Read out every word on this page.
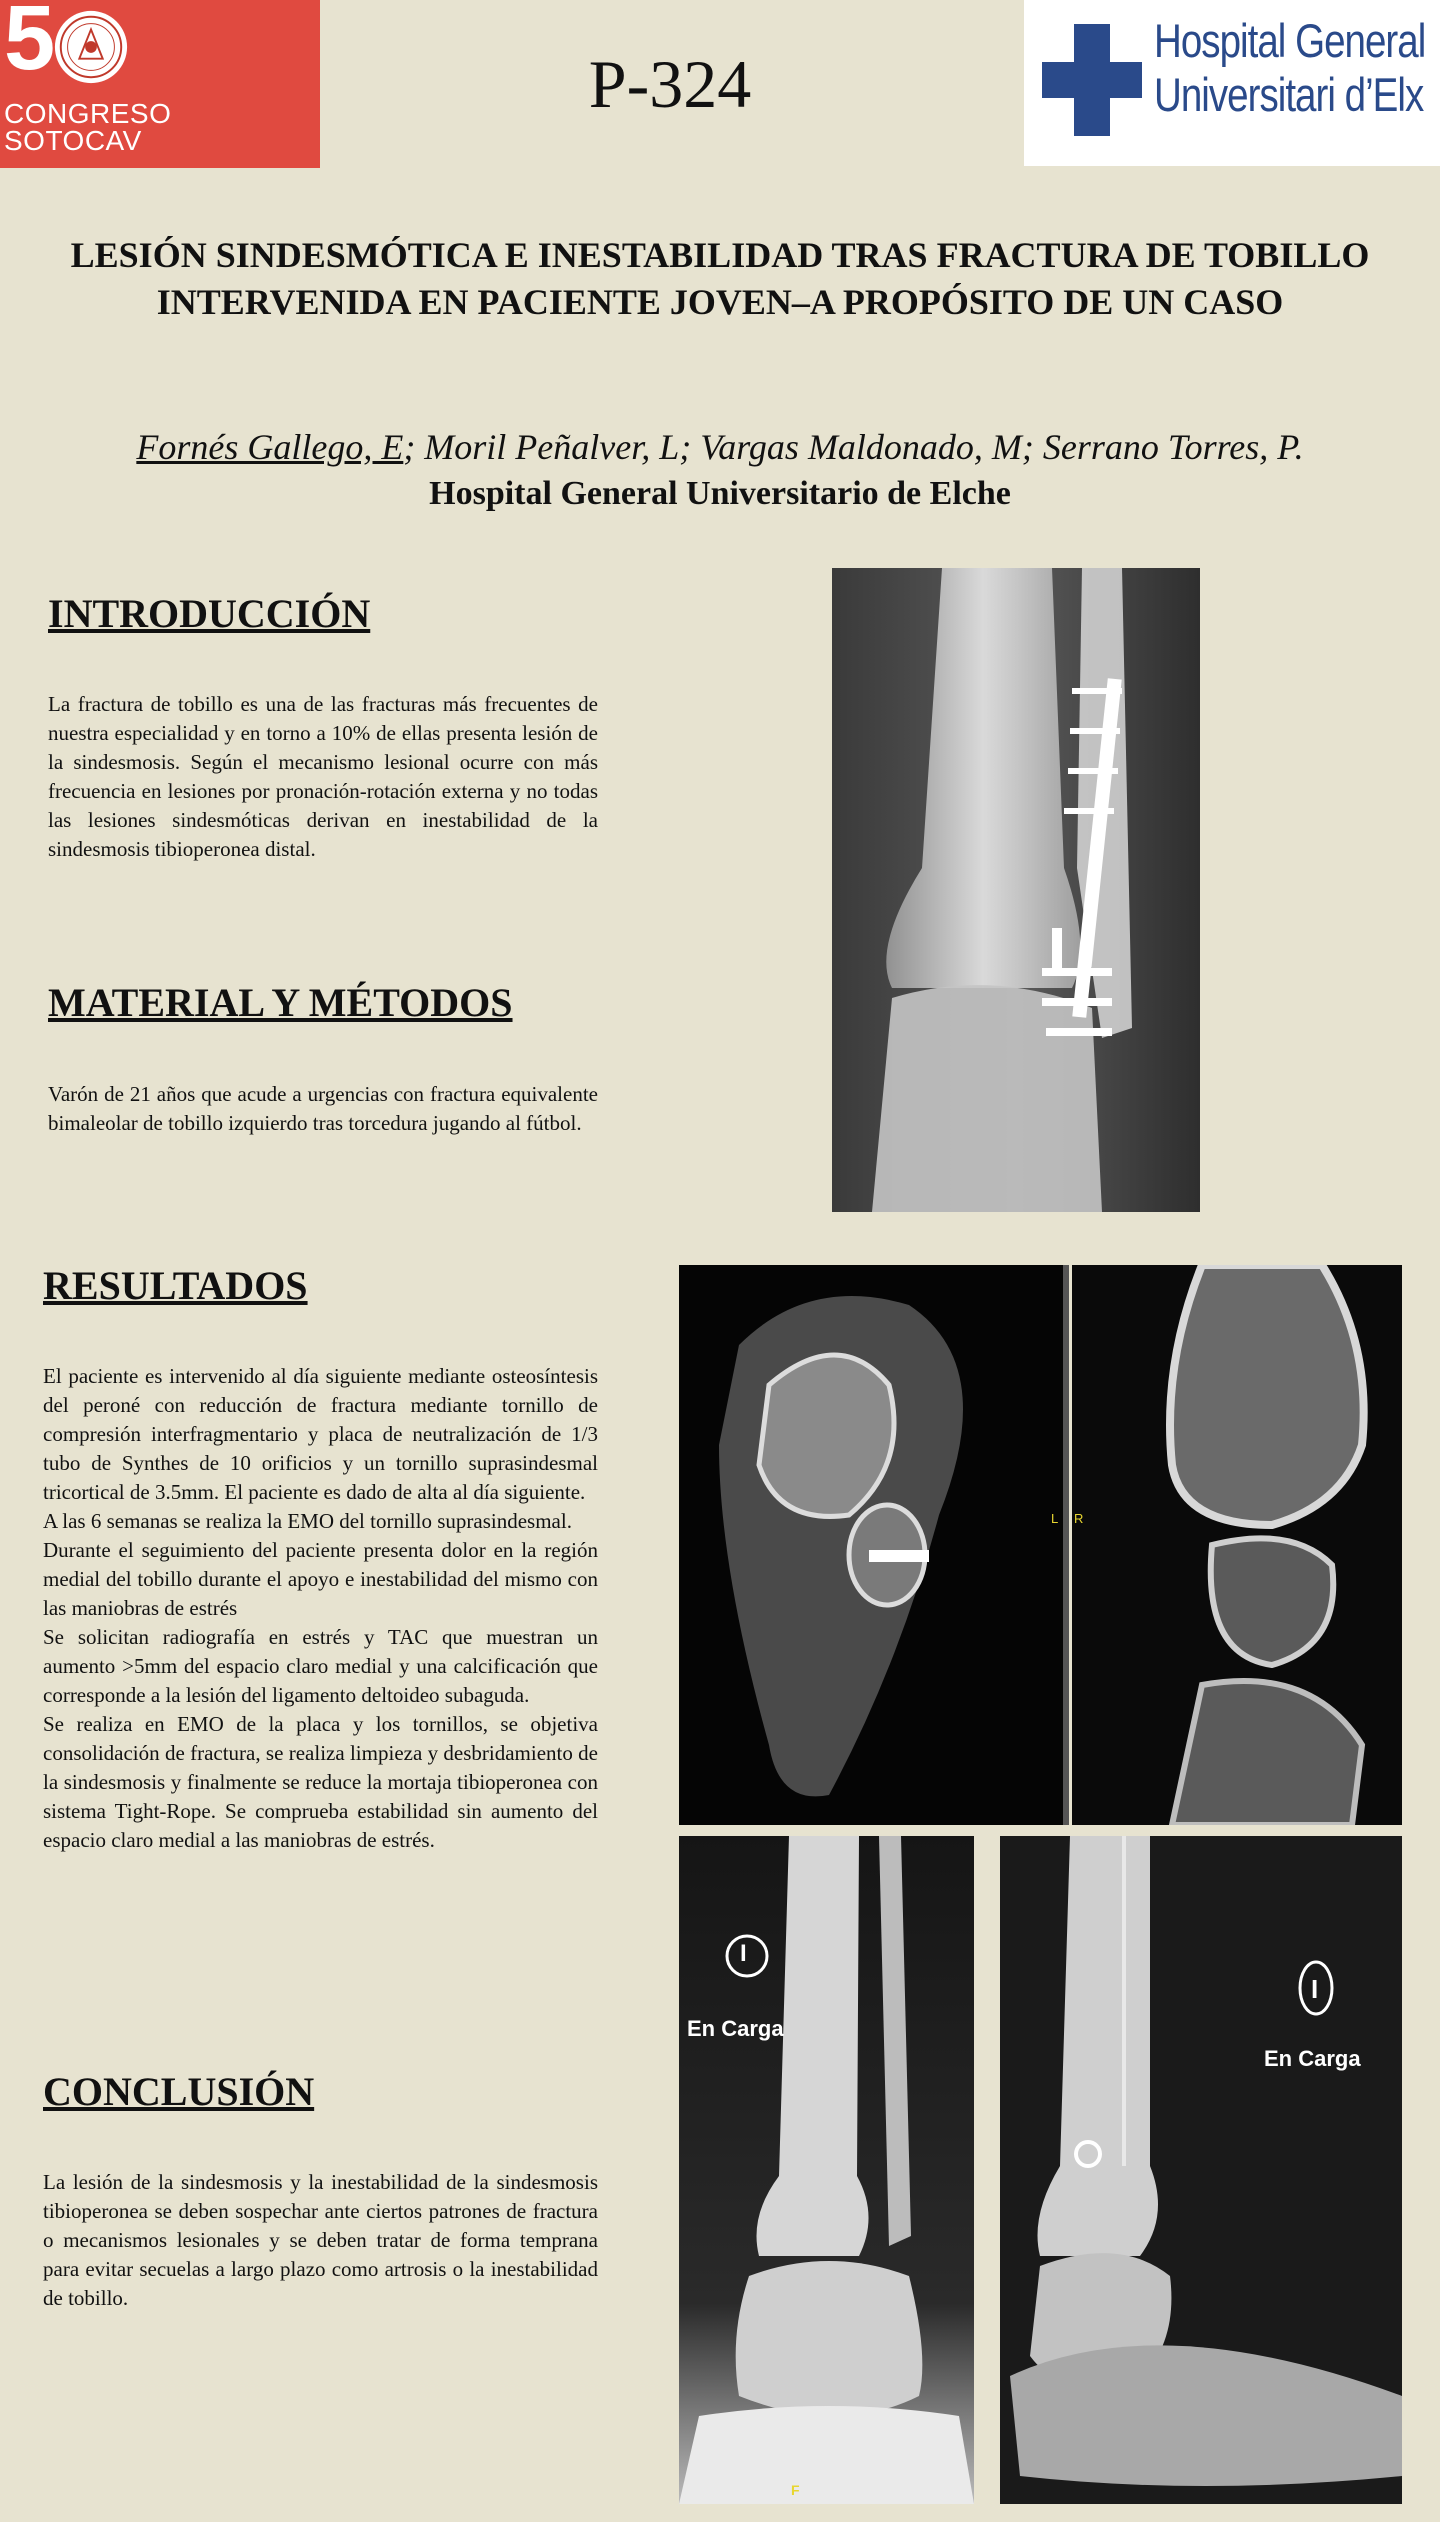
5
CONGRESO
SOTOCAV
P-324
Hospital General
Universitari d’Elx
LESIÓN SINDESMÓTICA E INESTABILIDAD TRAS FRACTURA DE TOBILLO INTERVENIDA EN PACIENTE JOVEN–A PROPÓSITO DE UN CASO
Fornés Gallego, E; Moril Peñalver, L; Vargas Maldonado, M; Serrano Torres, P.
Hospital General Universitario de Elche
INTRODUCCIÓN
La fractura de tobillo es una de las fracturas más frecuentes de nuestra especialidad y en torno a 10% de ellas presenta lesión de la sindesmosis. Según el mecanismo lesional ocurre con más frecuencia en lesiones por pronación-rotación externa y no todas las lesiones sindesmóticas derivan en inestabilidad de la sindesmosis tibioperonea distal.
MATERIAL Y MÉTODOS
Varón de 21 años que acude a urgencias con fractura equivalente bimaleolar de tobillo izquierdo tras torcedura jugando al fútbol.
RESULTADOS
El paciente es intervenido al día siguiente mediante osteosíntesis del peroné con reducción de fractura mediante tornillo de compresión interfragmentario y placa de neutralización de 1/3 tubo de Synthes de 10 orificios y un tornillo suprasindesmal tricortical de 3.5mm. El paciente es dado de alta al día siguiente.
A las 6 semanas se realiza la EMO del tornillo suprasindesmal.
Durante el seguimiento del paciente presenta dolor en la región medial del tobillo durante el apoyo e inestabilidad del mismo con las maniobras de estrés
Se solicitan radiografía en estrés y TAC que muestran un aumento >5mm del espacio claro medial y una calcificación que corresponde a la lesión del ligamento deltoideo subaguda.
Se realiza en EMO de la placa y los tornillos, se objetiva consolidación de fractura, se realiza limpieza y desbridamiento de la sindesmosis y finalmente se reduce la mortaja tibioperonea con sistema Tight-Rope. Se comprueba estabilidad sin aumento del espacio claro medial a las maniobras de estrés.
CONCLUSIÓN
La lesión de la sindesmosis y la inestabilidad de la sindesmosis tibioperonea se deben sospechar ante ciertos patrones de fractura o mecanismos lesionales y se deben tratar de forma temprana para evitar secuelas a largo plazo como artrosis o la inestabilidad de tobillo.
L R
I
En Carga
F
I
En Carga
